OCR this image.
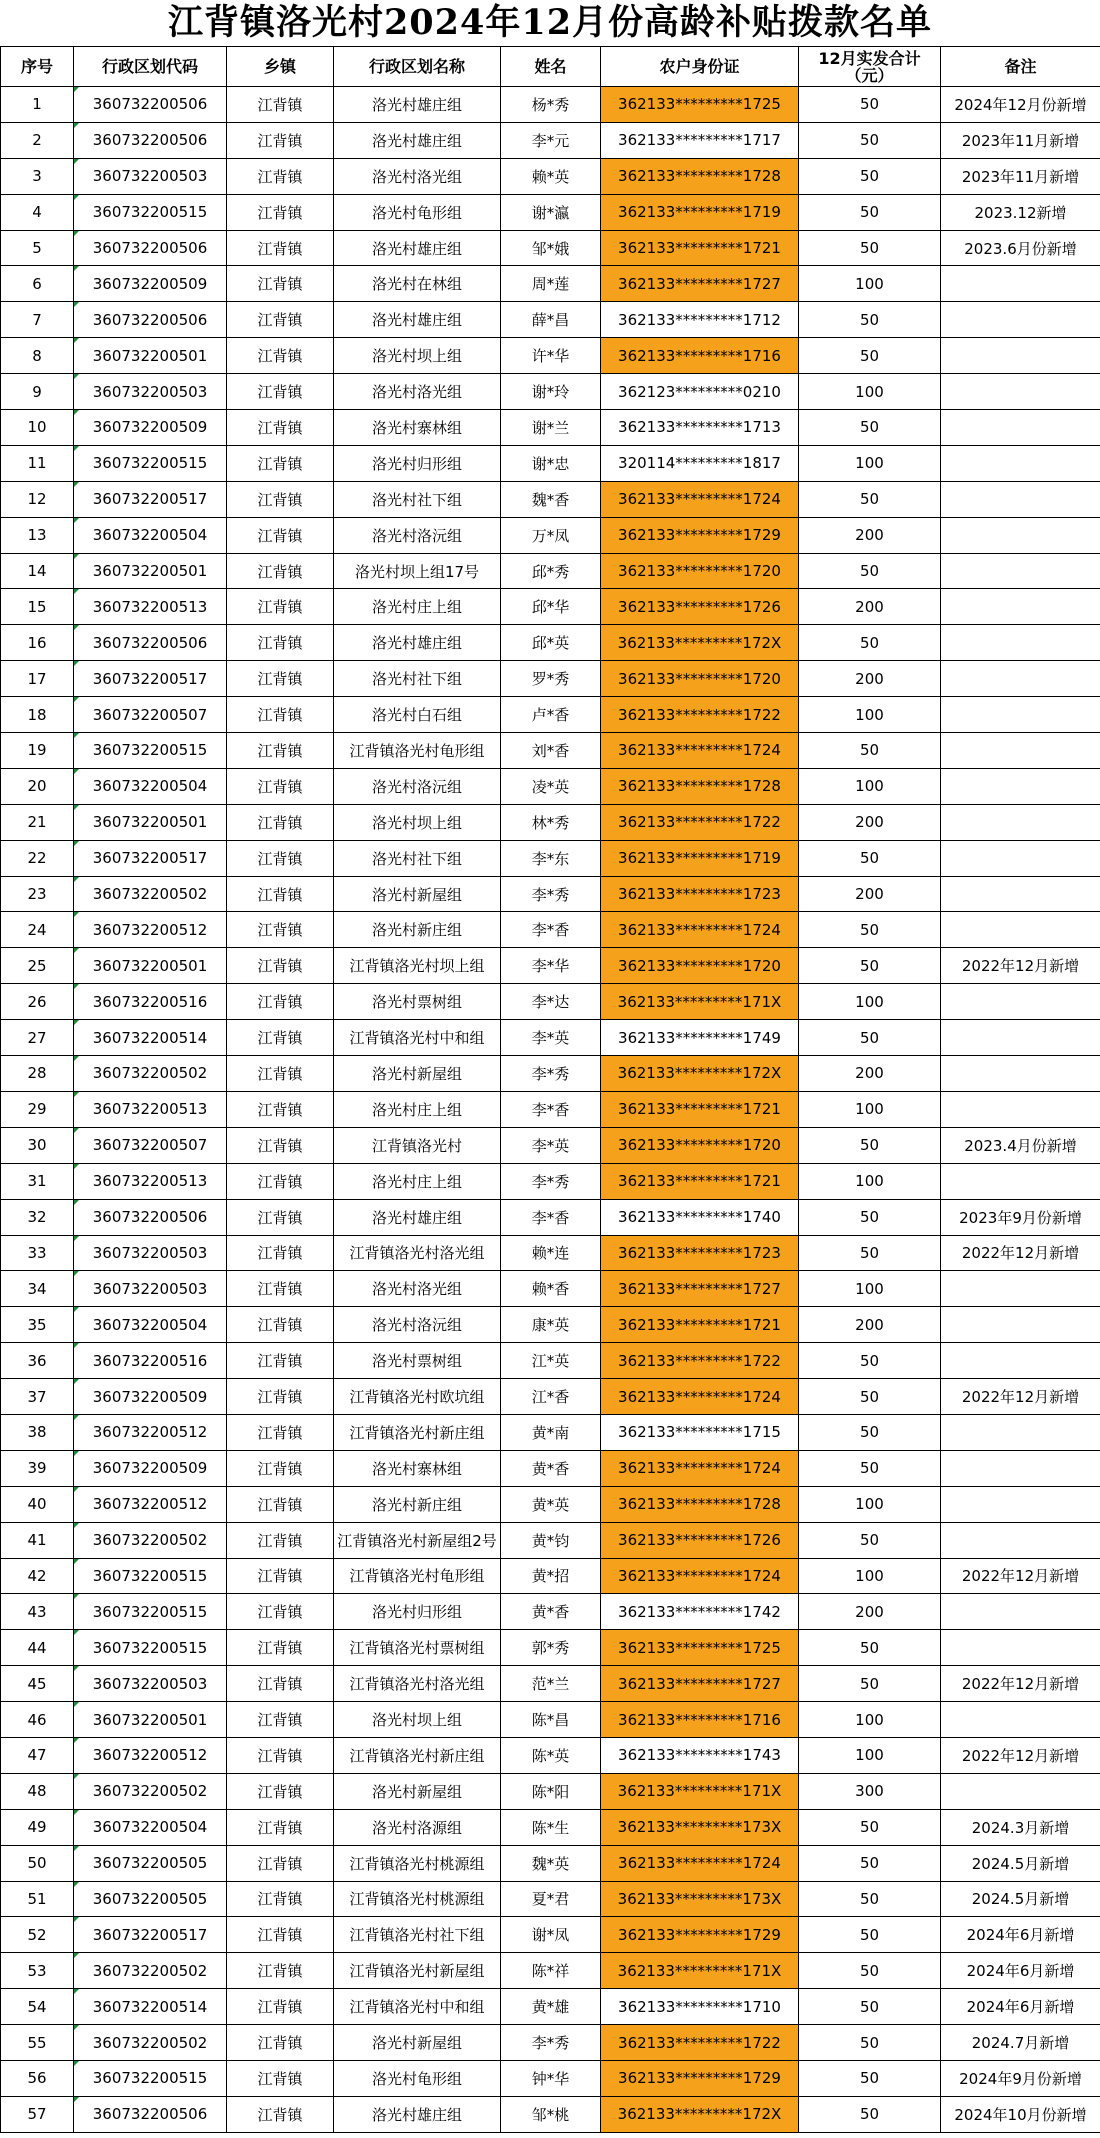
江背镇洛光村2024年12月份高龄补贴拨款名单
序号	行政区划代码	乡镇	行政区划名称	姓名	农户身份证	12月实发合计（元）	备注
1	360732200506	江背镇	洛光村雄庄组	杨*秀	362133*********1725	50	2024年12月份新增
2	360732200506	江背镇	洛光村雄庄组	李*元	362133*********1717	50	2023年11月新增
3	360732200503	江背镇	洛光村洛光组	赖*英	362133*********1728	50	2023年11月新增
4	360732200515	江背镇	洛光村龟形组	谢*瀛	362133*********1719	50	2023.12新增
5	360732200506	江背镇	洛光村雄庄组	邹*娥	362133*********1721	50	2023.6月份新增
6	360732200509	江背镇	洛光村在林组	周*莲	362133*********1727	100	
7	360732200506	江背镇	洛光村雄庄组	薛*昌	362133*********1712	50	
8	360732200501	江背镇	洛光村坝上组	许*华	362133*********1716	50	
9	360732200503	江背镇	洛光村洛光组	谢*玲	362123*********0210	100	
10	360732200509	江背镇	洛光村寨林组	谢*兰	362133*********1713	50	
11	360732200515	江背镇	洛光村归形组	谢*忠	320114*********1817	100	
12	360732200517	江背镇	洛光村社下组	魏*香	362133*********1724	50	
13	360732200504	江背镇	洛光村洛沅组	万*凤	362133*********1729	200	
14	360732200501	江背镇	洛光村坝上组17号	邱*秀	362133*********1720	50	
15	360732200513	江背镇	洛光村庄上组	邱*华	362133*********1726	200	
16	360732200506	江背镇	洛光村雄庄组	邱*英	362133*********172X	50	
17	360732200517	江背镇	洛光村社下组	罗*秀	362133*********1720	200	
18	360732200507	江背镇	洛光村白石组	卢*香	362133*********1722	100	
19	360732200515	江背镇	江背镇洛光村龟形组	刘*香	362133*********1724	50	
20	360732200504	江背镇	洛光村洛沅组	凌*英	362133*********1728	100	
21	360732200501	江背镇	洛光村坝上组	林*秀	362133*********1722	200	
22	360732200517	江背镇	洛光村社下组	李*东	362133*********1719	50	
23	360732200502	江背镇	洛光村新屋组	李*秀	362133*********1723	200	
24	360732200512	江背镇	洛光村新庄组	李*香	362133*********1724	50	
25	360732200501	江背镇	江背镇洛光村坝上组	李*华	362133*********1720	50	2022年12月新增
26	360732200516	江背镇	洛光村票树组	李*达	362133*********171X	100	
27	360732200514	江背镇	江背镇洛光村中和组	李*英	362133*********1749	50	
28	360732200502	江背镇	洛光村新屋组	李*秀	362133*********172X	200	
29	360732200513	江背镇	洛光村庄上组	李*香	362133*********1721	100	
30	360732200507	江背镇	江背镇洛光村	李*英	362133*********1720	50	2023.4月份新增
31	360732200513	江背镇	洛光村庄上组	李*秀	362133*********1721	100	
32	360732200506	江背镇	洛光村雄庄组	李*香	362133*********1740	50	2023年9月份新增
33	360732200503	江背镇	江背镇洛光村洛光组	赖*连	362133*********1723	50	2022年12月新增
34	360732200503	江背镇	洛光村洛光组	赖*香	362133*********1727	100	
35	360732200504	江背镇	洛光村洛沅组	康*英	362133*********1721	200	
36	360732200516	江背镇	洛光村票树组	江*英	362133*********1722	50	
37	360732200509	江背镇	江背镇洛光村欧坑组	江*香	362133*********1724	50	2022年12月新增
38	360732200512	江背镇	江背镇洛光村新庄组	黄*南	362133*********1715	50	
39	360732200509	江背镇	洛光村寨林组	黄*香	362133*********1724	50	
40	360732200512	江背镇	洛光村新庄组	黄*英	362133*********1728	100	
41	360732200502	江背镇	江背镇洛光村新屋组2号	黄*钧	362133*********1726	50	
42	360732200515	江背镇	江背镇洛光村龟形组	黄*招	362133*********1724	100	2022年12月新增
43	360732200515	江背镇	洛光村归形组	黄*香	362133*********1742	200	
44	360732200515	江背镇	江背镇洛光村票树组	郭*秀	362133*********1725	50	
45	360732200503	江背镇	江背镇洛光村洛光组	范*兰	362133*********1727	50	2022年12月新增
46	360732200501	江背镇	洛光村坝上组	陈*昌	362133*********1716	100	
47	360732200512	江背镇	江背镇洛光村新庄组	陈*英	362133*********1743	100	2022年12月新增
48	360732200502	江背镇	洛光村新屋组	陈*阳	362133*********171X	300	
49	360732200504	江背镇	洛光村洛源组	陈*生	362133*********173X	50	2024.3月新增
50	360732200505	江背镇	江背镇洛光村桃源组	魏*英	362133*********1724	50	2024.5月新增
51	360732200505	江背镇	江背镇洛光村桃源组	夏*君	362133*********173X	50	2024.5月新增
52	360732200517	江背镇	江背镇洛光村社下组	谢*凤	362133*********1729	50	2024年6月新增
53	360732200502	江背镇	江背镇洛光村新屋组	陈*祥	362133*********171X	50	2024年6月新增
54	360732200514	江背镇	江背镇洛光村中和组	黄*雄	362133*********1710	50	2024年6月新增
55	360732200502	江背镇	洛光村新屋组	李*秀	362133*********1722	50	2024.7月新增
56	360732200515	江背镇	洛光村龟形组	钟*华	362133*********1729	50	2024年9月份新增
57	360732200506	江背镇	洛光村雄庄组	邹*桃	362133*********172X	50	2024年10月份新增
